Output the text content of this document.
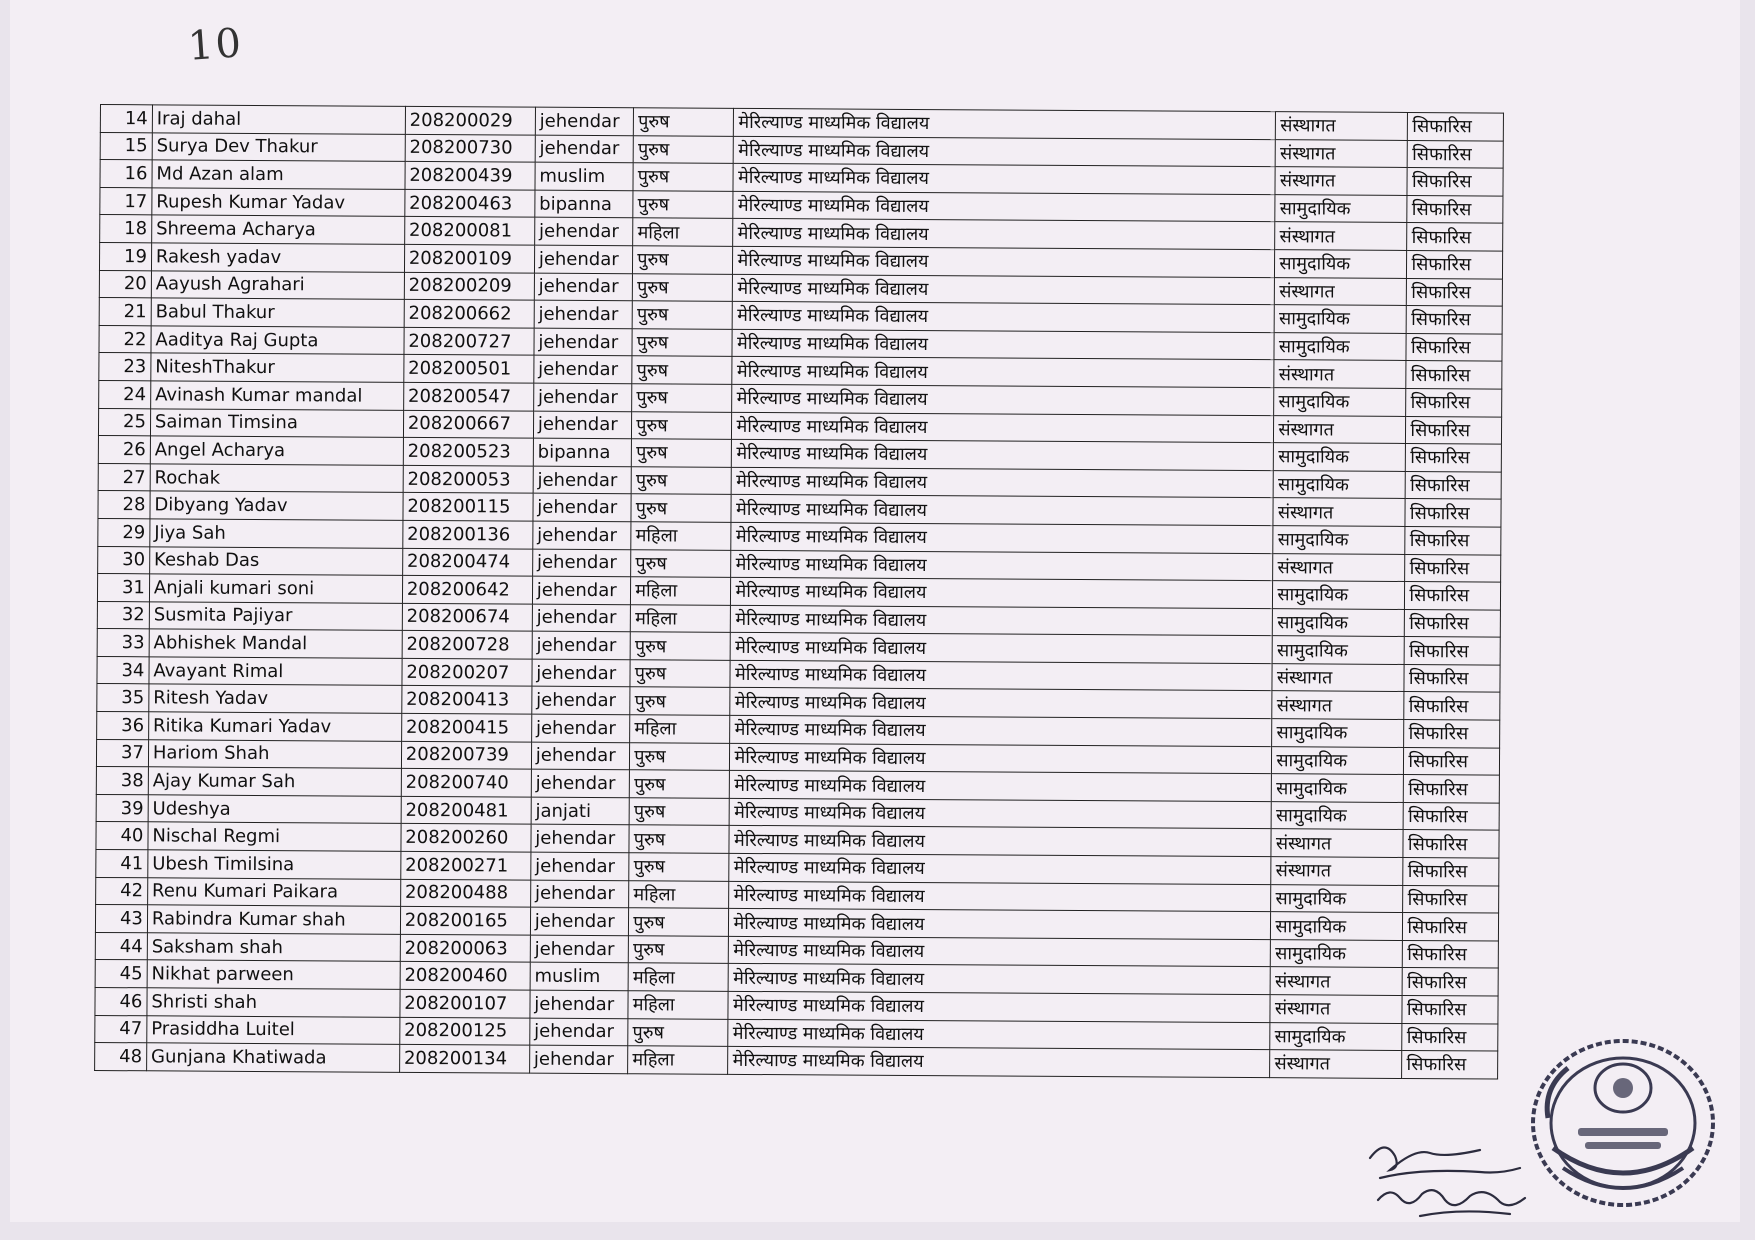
10
14	Iraj dahal	208200029	jehendar	पुरुष	मेरिल्याण्ड माध्यमिक विद्यालय	संस्थागत	सिफारिस
15	Surya Dev Thakur	208200730	jehendar	पुरुष	मेरिल्याण्ड माध्यमिक विद्यालय	संस्थागत	सिफारिस
16	Md Azan alam	208200439	muslim	पुरुष	मेरिल्याण्ड माध्यमिक विद्यालय	संस्थागत	सिफारिस
17	Rupesh Kumar Yadav	208200463	bipanna	पुरुष	मेरिल्याण्ड माध्यमिक विद्यालय	सामुदायिक	सिफारिस
18	Shreema Acharya	208200081	jehendar	महिला	मेरिल्याण्ड माध्यमिक विद्यालय	संस्थागत	सिफारिस
19	Rakesh yadav	208200109	jehendar	पुरुष	मेरिल्याण्ड माध्यमिक विद्यालय	सामुदायिक	सिफारिस
20	Aayush Agrahari	208200209	jehendar	पुरुष	मेरिल्याण्ड माध्यमिक विद्यालय	संस्थागत	सिफारिस
21	Babul Thakur	208200662	jehendar	पुरुष	मेरिल्याण्ड माध्यमिक विद्यालय	सामुदायिक	सिफारिस
22	Aaditya Raj Gupta	208200727	jehendar	पुरुष	मेरिल्याण्ड माध्यमिक विद्यालय	सामुदायिक	सिफारिस
23	NiteshThakur	208200501	jehendar	पुरुष	मेरिल्याण्ड माध्यमिक विद्यालय	संस्थागत	सिफारिस
24	Avinash Kumar mandal	208200547	jehendar	पुरुष	मेरिल्याण्ड माध्यमिक विद्यालय	सामुदायिक	सिफारिस
25	Saiman Timsina	208200667	jehendar	पुरुष	मेरिल्याण्ड माध्यमिक विद्यालय	संस्थागत	सिफारिस
26	Angel Acharya	208200523	bipanna	पुरुष	मेरिल्याण्ड माध्यमिक विद्यालय	सामुदायिक	सिफारिस
27	Rochak	208200053	jehendar	पुरुष	मेरिल्याण्ड माध्यमिक विद्यालय	सामुदायिक	सिफारिस
28	Dibyang Yadav	208200115	jehendar	पुरुष	मेरिल्याण्ड माध्यमिक विद्यालय	संस्थागत	सिफारिस
29	Jiya Sah	208200136	jehendar	महिला	मेरिल्याण्ड माध्यमिक विद्यालय	सामुदायिक	सिफारिस
30	Keshab Das	208200474	jehendar	पुरुष	मेरिल्याण्ड माध्यमिक विद्यालय	संस्थागत	सिफारिस
31	Anjali kumari soni	208200642	jehendar	महिला	मेरिल्याण्ड माध्यमिक विद्यालय	सामुदायिक	सिफारिस
32	Susmita Pajiyar	208200674	jehendar	महिला	मेरिल्याण्ड माध्यमिक विद्यालय	सामुदायिक	सिफारिस
33	Abhishek Mandal	208200728	jehendar	पुरुष	मेरिल्याण्ड माध्यमिक विद्यालय	सामुदायिक	सिफारिस
34	Avayant Rimal	208200207	jehendar	पुरुष	मेरिल्याण्ड माध्यमिक विद्यालय	संस्थागत	सिफारिस
35	Ritesh Yadav	208200413	jehendar	पुरुष	मेरिल्याण्ड माध्यमिक विद्यालय	संस्थागत	सिफारिस
36	Ritika Kumari Yadav	208200415	jehendar	महिला	मेरिल्याण्ड माध्यमिक विद्यालय	सामुदायिक	सिफारिस
37	Hariom Shah	208200739	jehendar	पुरुष	मेरिल्याण्ड माध्यमिक विद्यालय	सामुदायिक	सिफारिस
38	Ajay Kumar Sah	208200740	jehendar	पुरुष	मेरिल्याण्ड माध्यमिक विद्यालय	सामुदायिक	सिफारिस
39	Udeshya	208200481	janjati	पुरुष	मेरिल्याण्ड माध्यमिक विद्यालय	सामुदायिक	सिफारिस
40	Nischal Regmi	208200260	jehendar	पुरुष	मेरिल्याण्ड माध्यमिक विद्यालय	संस्थागत	सिफारिस
41	Ubesh Timilsina	208200271	jehendar	पुरुष	मेरिल्याण्ड माध्यमिक विद्यालय	संस्थागत	सिफारिस
42	Renu Kumari Paikara	208200488	jehendar	महिला	मेरिल्याण्ड माध्यमिक विद्यालय	सामुदायिक	सिफारिस
43	Rabindra Kumar shah	208200165	jehendar	पुरुष	मेरिल्याण्ड माध्यमिक विद्यालय	सामुदायिक	सिफारिस
44	Saksham shah	208200063	jehendar	पुरुष	मेरिल्याण्ड माध्यमिक विद्यालय	सामुदायिक	सिफारिस
45	Nikhat parween	208200460	muslim	महिला	मेरिल्याण्ड माध्यमिक विद्यालय	संस्थागत	सिफारिस
46	Shristi shah	208200107	jehendar	महिला	मेरिल्याण्ड माध्यमिक विद्यालय	संस्थागत	सिफारिस
47	Prasiddha Luitel	208200125	jehendar	पुरुष	मेरिल्याण्ड माध्यमिक विद्यालय	सामुदायिक	सिफारिस
48	Gunjana Khatiwada	208200134	jehendar	महिला	मेरिल्याण्ड माध्यमिक विद्यालय	संस्थागत	सिफारिस
